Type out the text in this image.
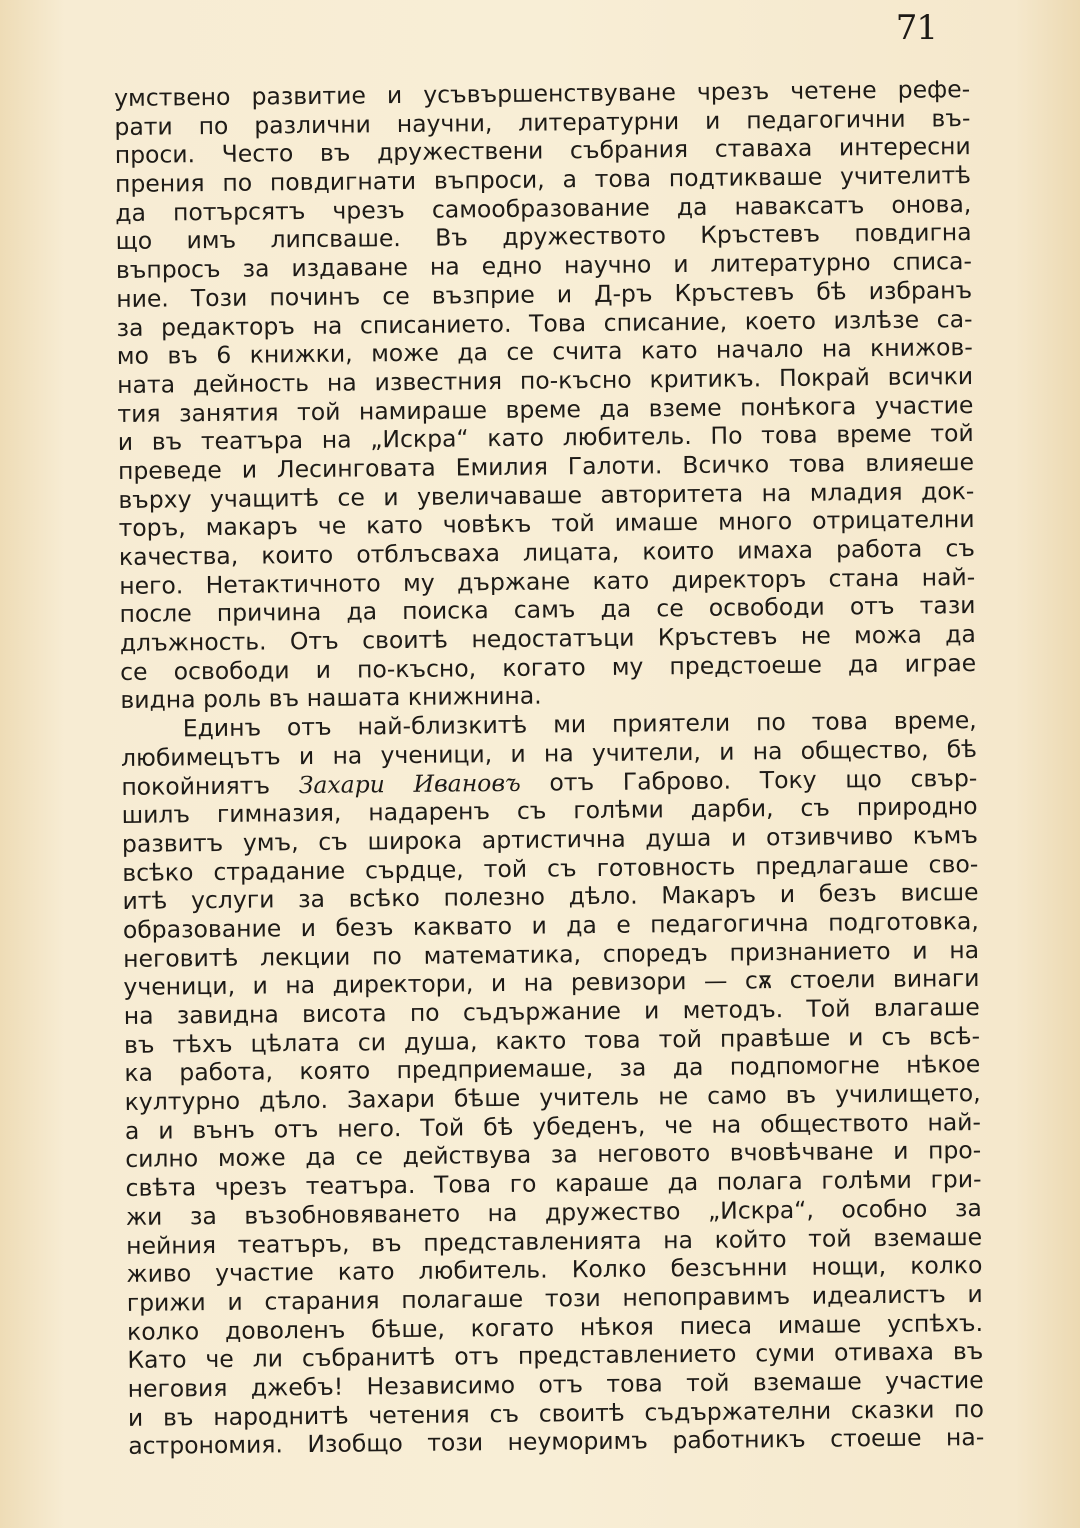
71
умствено развитие и усъвършенствуване чрезъ четене рефе-
рати по различни научни, литературни и педагогични въ-
проси. Често въ дружествени събрания ставаха интересни
прения по повдигнати въпроси, а това подтикваше учителитѣ
да потърсятъ чрезъ самообразование да наваксатъ онова,
що имъ липсваше. Въ дружеството Кръстевъ повдигна
въпросъ за издаване на едно научно и литературно списа-
ние. Този починъ се възприе и Д-ръ Кръстевъ бѣ избранъ
за редакторъ на списанието. Това списание, което излѣзе са-
мо въ 6 книжки, може да се счита като начало на книжов-
ната дейность на известния по-късно критикъ. Покрай всички
тия занятия той намираше време да вземе понѣкога участие
и въ театъра на „Искра“ като любитель. По това време той
преведе и Лесинговата Емилия Галоти. Всичко това влияеше
върху учащитѣ се и увеличаваше авторитета на младия док-
торъ, макаръ че като човѣкъ той имаше много отрицателни
качества, които отблъсваха лицата, които имаха работа съ
него. Нетактичното му държане като директоръ стана най-
после причина да поиска самъ да се освободи отъ тази
длъжность. Отъ своитѣ недостатъци Кръстевъ не можа да
се освободи и по-късно, когато му предстоеше да играе
видна роль въ нашата книжнина.
Единъ отъ най-близкитѣ ми приятели по това време,
любимецътъ и на ученици, и на учители, и на общество, бѣ
покойниятъ Захари Ивановъ отъ Габрово. Току що свър-
шилъ гимназия, надаренъ съ голѣми дарби, съ природно
развитъ умъ, съ широка артистична душа и отзивчиво къмъ
всѣко страдание сърдце, той съ готовность предлагаше сво-
итѣ услуги за всѣко полезно дѣло. Макаръ и безъ висше
образование и безъ каквато и да е педагогична подготовка,
неговитѣ лекции по математика, споредъ признанието и на
ученици, и на директори, и на ревизори — сѫ стоели винаги
на завидна висота по съдържание и методъ. Той влагаше
въ тѣхъ цѣлата си душа, както това той правѣше и съ всѣ-
ка работа, която предприемаше, за да подпомогне нѣкое
културно дѣло. Захари бѣше учитель не само въ училището,
а и вънъ отъ него. Той бѣ убеденъ, че на обществото най-
силно може да се действува за неговото вчовѣчване и про-
свѣта чрезъ театъра. Това го караше да полага голѣми гри-
жи за възобновяването на дружество „Искра“, особно за
нейния театъръ, въ представленията на който той вземаше
живо участие като любитель. Колко безсънни нощи, колко
грижи и старания полагаше този непоправимъ идеалистъ и
колко доволенъ бѣше, когато нѣкоя пиеса имаше успѣхъ.
Като че ли събранитѣ отъ представлението суми отиваха въ
неговия джебъ! Независимо отъ това той вземаше участие
и въ народнитѣ четения съ своитѣ съдържателни сказки по
астрономия. Изобщо този неуморимъ работникъ стоеше на-
